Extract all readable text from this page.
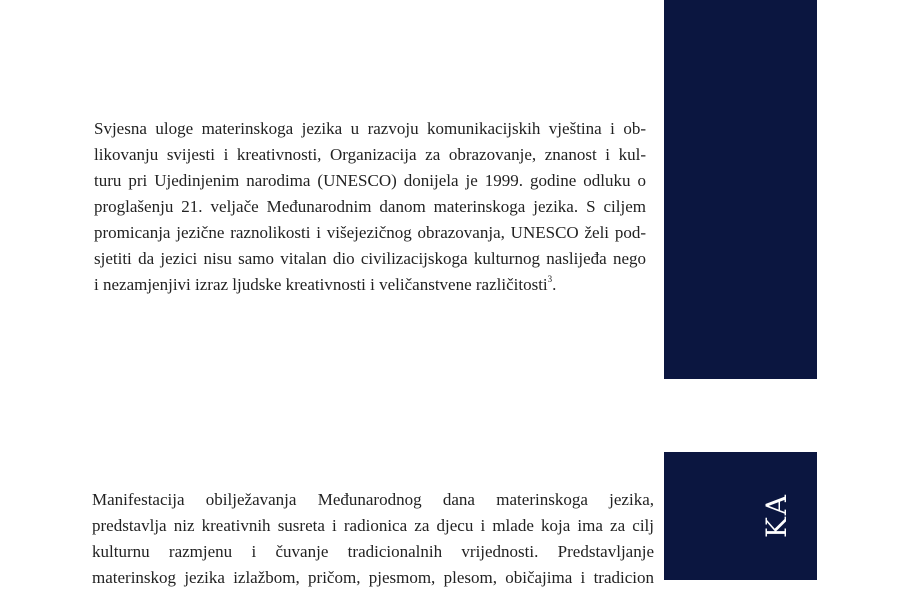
KA
Svjesna uloge materinskoga jezika u razvoju komunikacijskih vještina i ob-
likovanju svijesti i kreativnosti, Organizacija za obrazovanje, znanost i kul-
turu pri Ujedinjenim narodima (UNESCO) donijela je 1999. godine odluku o
proglašenju 21. veljače Međunarodnim danom materinskoga jezika. S ciljem
promicanja jezične raznolikosti i višejezičnog obrazovanja, UNESCO želi pod-
sjetiti da jezici nisu samo vitalan dio civilizacijskoga kulturnog naslijeđa nego
i nezamjenjivi izraz ljudske kreativnosti i veličanstvene različitosti$^3$.
Manifestacija obilježavanja Međunarodnog dana materinskoga jezika,
predstavlja niz kreativnih susreta i radionica za djecu i mlade koja ima za cilj
kulturnu razmjenu i čuvanje tradicionalnih vrijednosti. Predstavljanje
materinskog jezika izlažbom, pričom, pjesmom, plesom, običajima i tradicion
